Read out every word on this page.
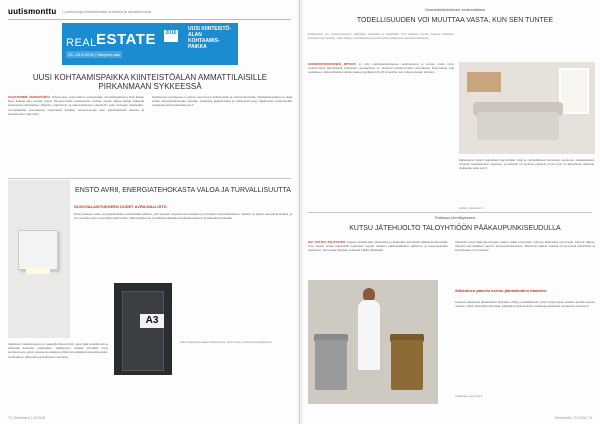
uutismonttu | poimintoja kiinteistöalan uutisista ja tapahtumista
REAL ESTATE 2016
23.–24.5.2016 | Tampere-talo
UUSI KIINTEISTÖ-ALAN KOHTAAMIS-PAIKKA
UUSI KOHTAAMISPAIKKA KIINTEISTÖALAN AMMATTILAISILLE PIRKANMAAN SYKKEESSÄ
SAAVUTAMME JÄRJESTÄMÄÄ. Pirkanmaan ensimmäinen kiinteistöalan ammattitapahtuma Real Estate Expo kokoaa alan toimijat yhteen Tampere-talolle toukokuussa. Kahden päivän aikana kävijät pääsevät tutustumaan kiinteistöjen ylläpidon, isännöinnin ja rakennuttamisen palveluihin sekä uusimpiin ratkaisuihin. Ammattilaisille suunnatussa ohjelmassa kuullaan puheenvuoroja alan ajankohtaisista aiheista ja tulevaisuuden näkymistä.
Tapahtuman tavoitteena on tarjota uusi foorumi kohtaamisille ja verkostoitumiselle. Näytteilleasettajina on laaja joukko kiinteistöpalveluiden tarjoajia. Lisätietoja tapahtumasta ja ohjelmasta löytyy tapahtuman verkkosivuilta osoitteesta www.realestateexpo.fi
ENSTO AVR8, ENERGIATEHOKASTA VALOA JA TURVALLISUUTTA
ULKOVALAISTUKSEEN UUDET AVR8-MALLISTO
Ensto esittelee uuden energiatehokkaan seinävalaisinmalliston, joka soveltuu erityisesti kerrostalojen ja toimitilojen ulkovalaistukseen. Valaisin on helppo asentaa ja huoltaa, ja sen muotoilu sopii monenlaisiin julkisivuihin. LED-tekniikka tuo merkittäviä säästöjä energiankulutukseen ja pidentää huoltoväliä.
Valaisimen lisävarusteena on saatavilla liiketunnistin, joka lisää turvallisuutta ja vähentää kulutusta entisestään. Valaisimeen voidaan kiinnittää myös porrasnumero, jolloin opasteet ja valaistus yhdistyvät selkeäksi kokonaisuudeksi. Tuotteella on pitkä takuu ja kotimainen valmistus.
A3
Katso lisätietoja valaisinvalikoimasta: www.ensto.com/fi/tuotteet/valaisimet
72 Kiinteistö | 2/2016
Huoneistokohtainen vedenmittaus
TODELLISUUDEN VOI MUUTTAA VASTA, KUN SEN TUNTEE
Mittaaminen tuo vedenkulutuksen näkyväksi asukkaille ja taloyhtiölle. Kun jokainen asunto maksaa todellisen kulutuksensa mukaan, vettä säästyy merkittävästi ja kustannukset jakautuvat oikeudenmukaisesti.
HUONEISTOKOHTAINEN MITTAUS on ollut uudisrakentamisessa vaatimuksena jo vuosia, mutta myös vanhemmissa taloyhtiöissä mittareiden asentaminen on yleistynyt putkiremonttien yhteydessä. Kokemukset ovat osoittaneet, että asukkaiden kulutus laskee tyypillisesti 15–30 prosenttia, kun mittaus otetaan käyttöön.
Etäluettavat mittarit helpottavat isännöitsijän työtä ja mahdollistavat kulutuksen seurannan reaaliaikaisesti. Vuotojen havaitseminen nopeutuu, ja taloyhtiö voi puuttua ongelmiin ennen kuin ne aiheuttavat vahinkoja. Lisätietoja: www.vesi.fi
Lähde: www.vesi.fi
Pakkaus kierrätykseen
KUTSU JÄTEHUOLTO TALOYHTIÖÖN PÄÄKAUPUNKISEUDULLA
HSY KUTSUU TALOYHTIÖT mukaan kehittämään jätehuoltoa ja lisäämään kierrätystä pääkaupunkiseudulla. Uusi palvelu auttaa taloyhtiöitä löytämään sopivat ratkaisut pakkausjätteiden lajitteluun ja keräysastioiden sijoitteluun. Neuvontaa tarjotaan maksutta kaikille halukkaille.
Taloyhtiöt voivat tilata jäteneuvojan paikan päälle arvioimaan nykyisen jätehuollon toimivuutta. Käynnin jälkeen taloyhtiö saa kirjallisen raportin kehitysehdotuksineen. Pilotoinnin aikana mukana oli kymmeniä taloyhtiöitä, ja kierrätysaste nousi selvästi.
Sähköinen palvelu kertoo jäteastioiden tilanteen
Uudessa palvelussa jäteastioiden täyttöaste välittyy reaaliaikaisesti, jolloin tyhjennykset voidaan ajoittaa tarpeen mukaan. Tämä vähentää turhia ajoja, päästöjä ja kustannuksia. Lisätietoja palvelusta osoitteessa www.hsy.fi
Lisätietoja: www.hsy.fi
Kiinteistö | 2/2016 73
